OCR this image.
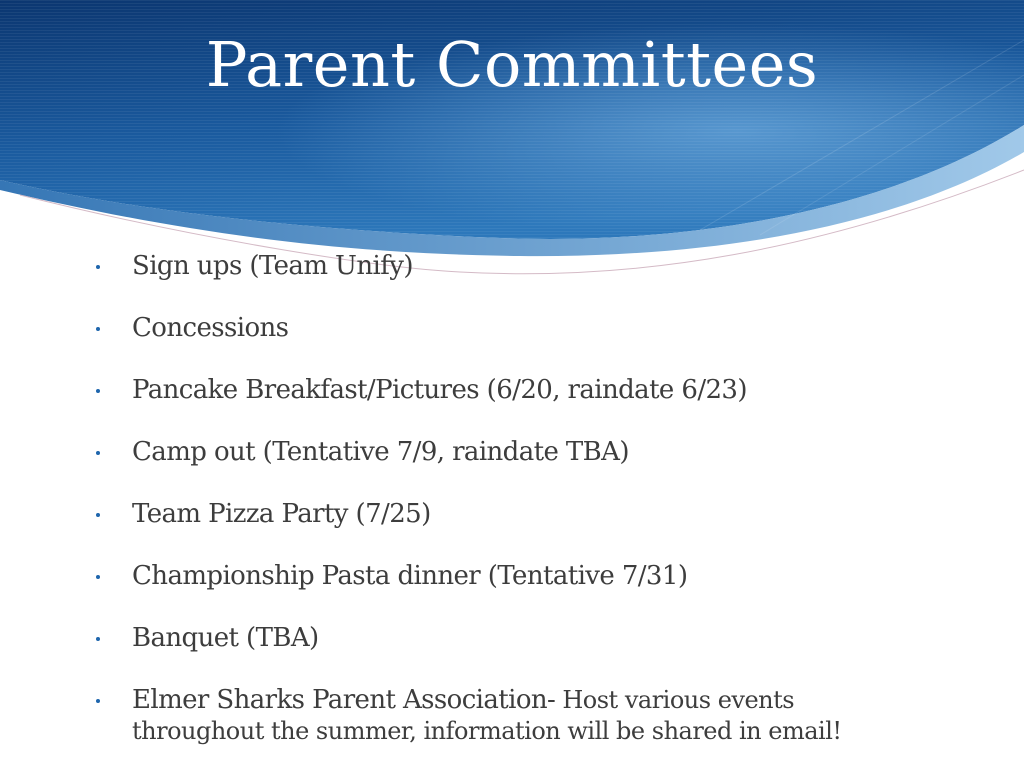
Parent Committees
Sign ups (Team Unify)
Concessions
Pancake Breakfast/Pictures (6/20, raindate 6/23)
Camp out (Tentative 7/9, raindate TBA)
Team Pizza Party (7/25)
Championship Pasta dinner (Tentative 7/31)
Banquet (TBA)
Elmer Sharks Parent Association- Host various events
throughout the summer, information will be shared in email!
